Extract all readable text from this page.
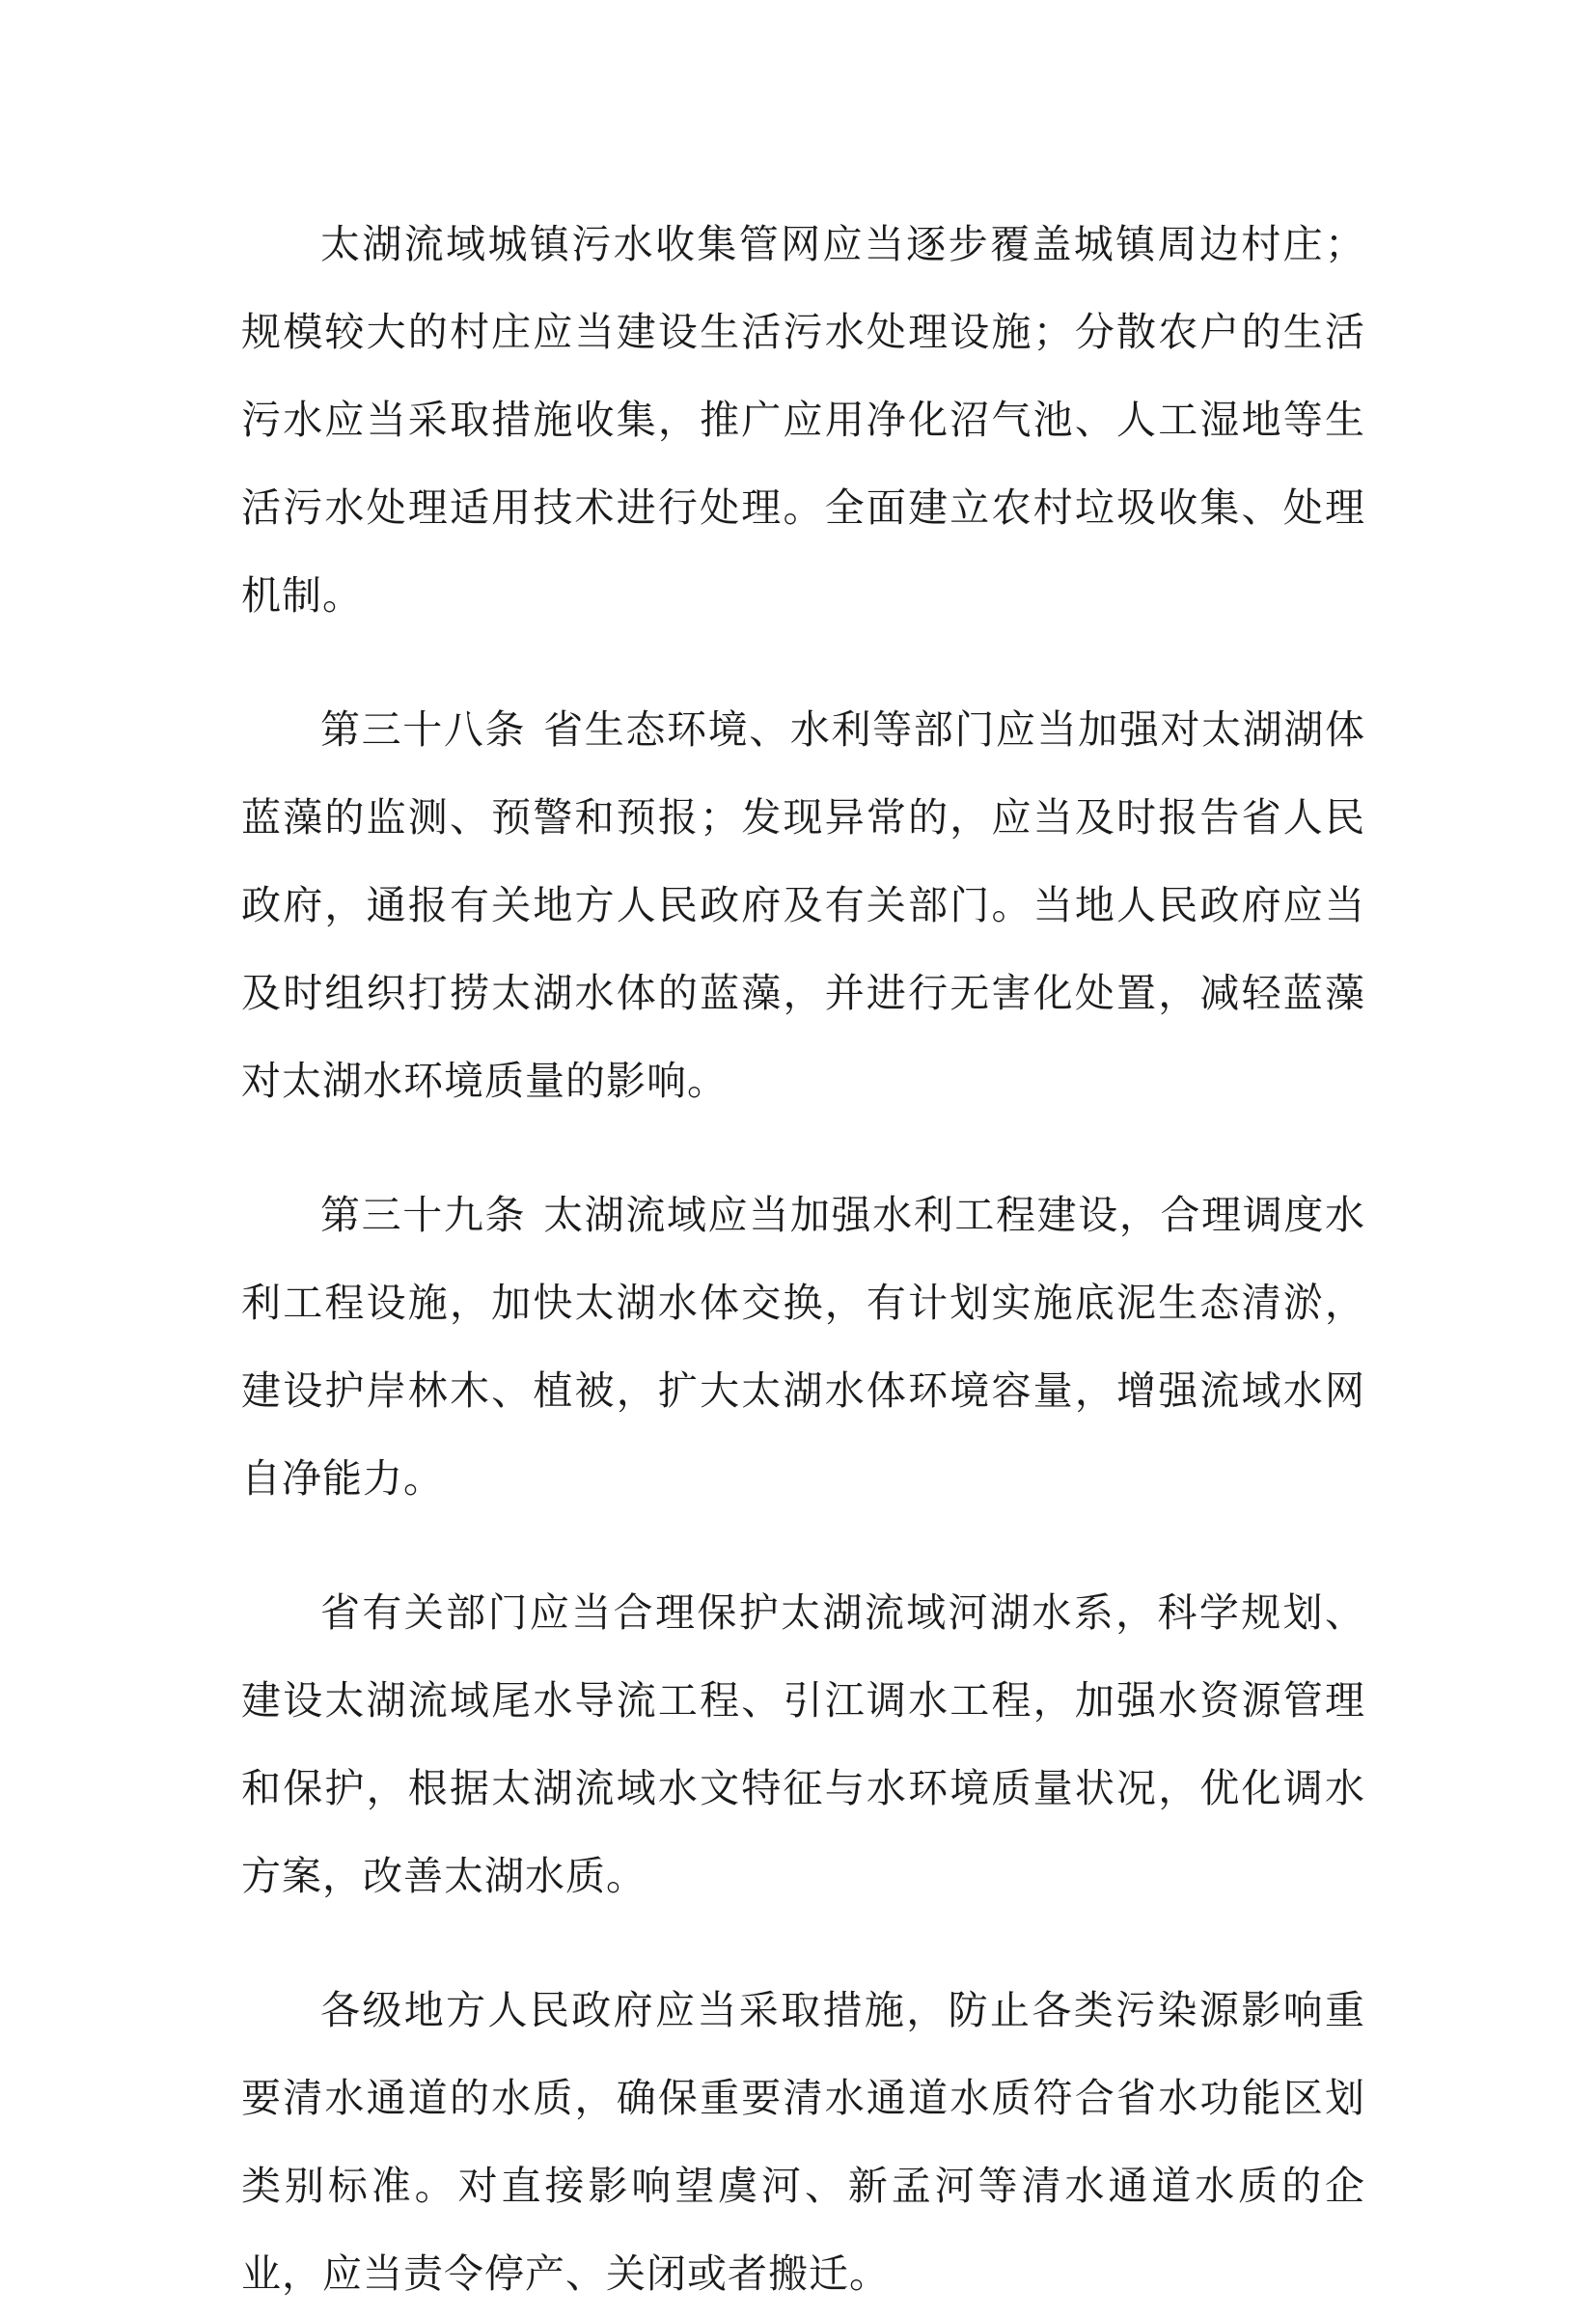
太湖流域城镇污水收集管网应当逐步覆盖城镇周边村庄；规模较大的村庄应当建设生活污水处理设施；分散农户的生活污水应当采取措施收集，推广应用净化沼气池、人工湿地等生活污水处理适用技术进行处理。全面建立农村垃圾收集、处理机制。

第三十八条 省生态环境、水利等部门应当加强对太湖湖体蓝藻的监测、预警和预报；发现异常的，应当及时报告省人民政府，通报有关地方人民政府及有关部门。当地人民政府应当及时组织打捞太湖水体的蓝藻，并进行无害化处置，减轻蓝藻对太湖水环境质量的影响。

第三十九条 太湖流域应当加强水利工程建设，合理调度水利工程设施，加快太湖水体交换，有计划实施底泥生态清淤，建设护岸林木、植被，扩大太湖水体环境容量，增强流域水网自净能力。

省有关部门应当合理保护太湖流域河湖水系，科学规划、建设太湖流域尾水导流工程、引江调水工程，加强水资源管理和保护，根据太湖流域水文特征与水环境质量状况，优化调水方案，改善太湖水质。

各级地方人民政府应当采取措施，防止各类污染源影响重要清水通道的水质，确保重要清水通道水质符合省水功能区划类别标准。对直接影响望虞河、新孟河等清水通道水质的企业，应当责令停产、关闭或者搬迁。
